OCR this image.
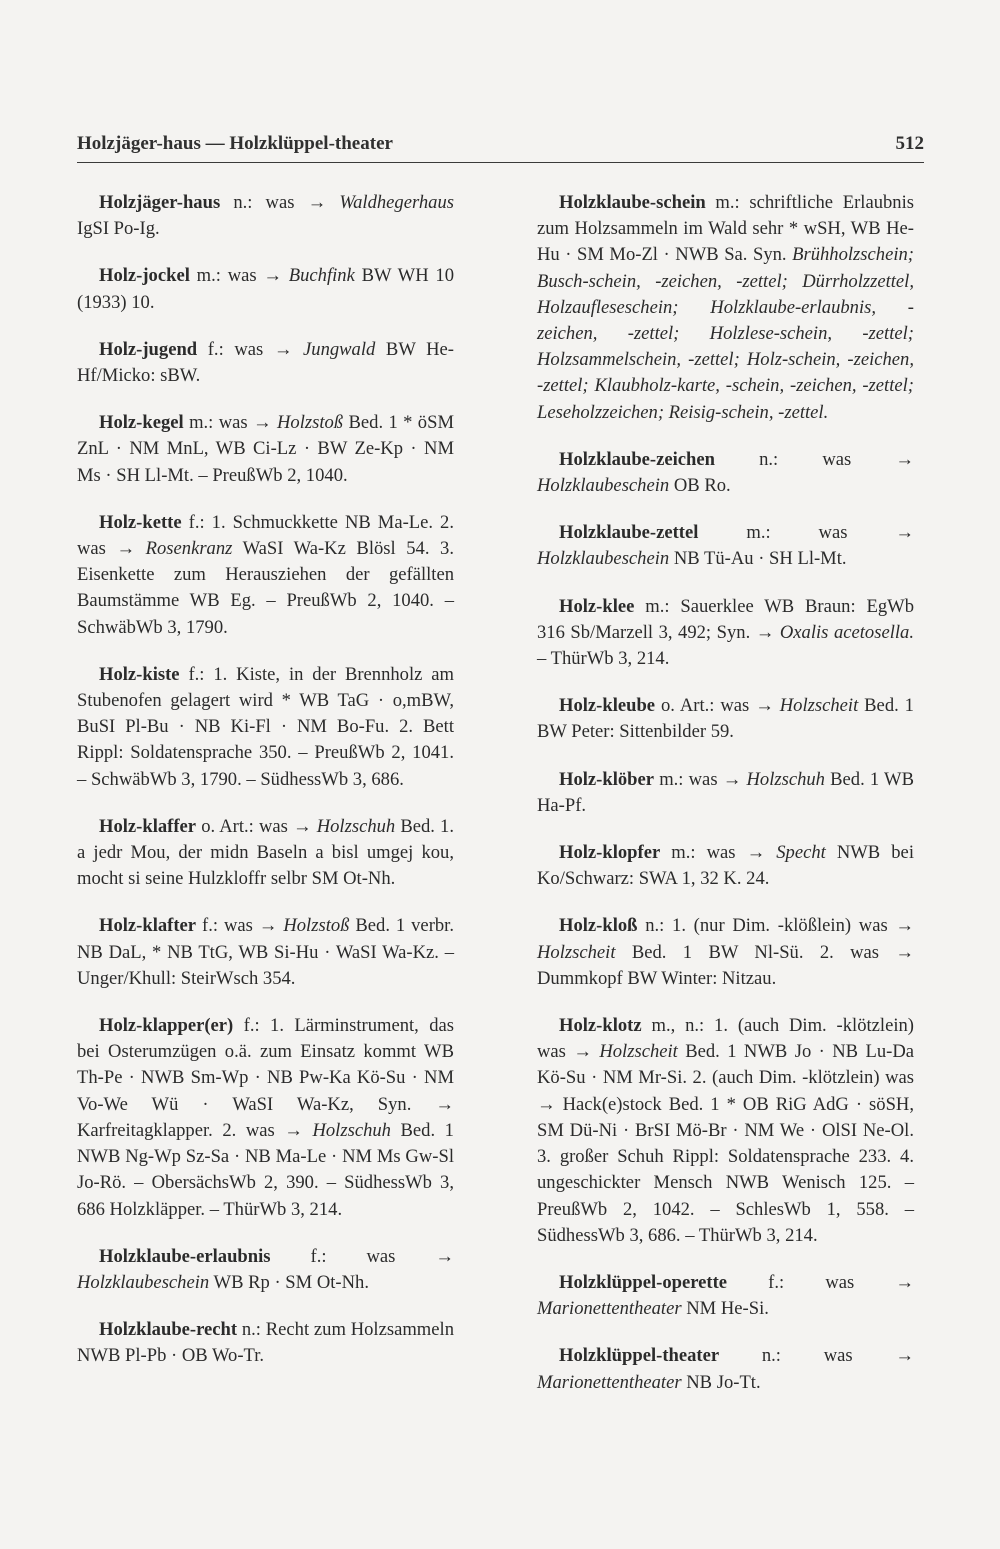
Holzjäger-haus — Holzklüppel-theater	512

Holzjäger-haus n.: was → Waldhegerhaus IgSI Po-Ig.

Holz-jockel m.: was → Buchfink BW WH 10 (1933) 10.

Holz-jugend f.: was → Jungwald BW He-Hf/Micko: sBW.

Holz-kegel m.: was → Holzstoß Bed. 1 * öSM ZnL · NM MnL, WB Ci-Lz · BW Ze-Kp · NM Ms · SH Ll-Mt. – PreußWb 2, 1040.

Holz-kette f.: 1. Schmuckkette NB Ma-Le. 2. was → Rosenkranz WaSI Wa-Kz Blösl 54. 3. Eisenkette zum Herausziehen der gefällten Baumstämme WB Eg. – PreußWb 2, 1040. – SchwäbWb 3, 1790.

Holz-kiste f.: 1. Kiste, in der Brennholz am Stubenofen gelagert wird * WB TaG · o,mBW, BuSI Pl-Bu · NB Ki-Fl · NM Bo-Fu. 2. Bett Rippl: Soldatensprache 350. – PreußWb 2, 1041. – SchwäbWb 3, 1790. – SüdhessWb 3, 686.

Holz-klaffer o. Art.: was → Holzschuh Bed. 1. a jedr Mou, der midn Baseln a bisl umgej kou, mocht si seine Hulzkloffr selbr SM Ot-Nh.

Holz-klafter f.: was → Holzstoß Bed. 1 verbr. NB DaL, * NB TtG, WB Si-Hu · WaSI Wa-Kz. – Unger/Khull: SteirWsch 354.

Holz-klapper(er) f.: 1. Lärminstrument, das bei Osterumzügen o.ä. zum Einsatz kommt WB Th-Pe · NWB Sm-Wp · NB Pw-Ka Kö-Su · NM Vo-We Wü · WaSI Wa-Kz, Syn. → Karfreitagklapper. 2. was → Holzschuh Bed. 1 NWB Ng-Wp Sz-Sa · NB Ma-Le · NM Ms Gw-Sl Jo-Rö. – ObersächsWb 2, 390. – SüdhessWb 3, 686 Holzkläpper. – ThürWb 3, 214.

Holzklaube-erlaubnis f.: was → Holzklaubeschein WB Rp · SM Ot-Nh.

Holzklaube-recht n.: Recht zum Holzsammeln NWB Pl-Pb · OB Wo-Tr.

Holzklaube-schein m.: schriftliche Erlaubnis zum Holzsammeln im Wald sehr * wSH, WB He-Hu · SM Mo-Zl · NWB Sa. Syn. Brühholzschein; Busch-schein, -zeichen, -zettel; Dürrholzzettel, Holzaufleseschein; Holzklaube-erlaubnis, -zeichen, -zettel; Holzlese-schein, -zettel; Holzsammelschein, -zettel; Holz-schein, -zeichen, -zettel; Klaubholz-karte, -schein, -zeichen, -zettel; Leseholzzeichen; Reisig-schein, -zettel.

Holzklaube-zeichen n.: was → Holzklaubeschein OB Ro.

Holzklaube-zettel m.: was → Holzklaubeschein NB Tü-Au · SH Ll-Mt.

Holz-klee m.: Sauerklee WB Braun: EgWb 316 Sb/Marzell 3, 492; Syn. → Oxalis acetosella. – ThürWb 3, 214.

Holz-kleube o. Art.: was → Holzscheit Bed. 1 BW Peter: Sittenbilder 59.

Holz-klöber m.: was → Holzschuh Bed. 1 WB Ha-Pf.

Holz-klopfer m.: was → Specht NWB bei Ko/Schwarz: SWA 1, 32 K. 24.

Holz-kloß n.: 1. (nur Dim. -klößlein) was → Holzscheit Bed. 1 BW Nl-Sü. 2. was → Dummkopf BW Winter: Nitzau.

Holz-klotz m., n.: 1. (auch Dim. -klötzlein) was → Holzscheit Bed. 1 NWB Jo · NB Lu-Da Kö-Su · NM Mr-Si. 2. (auch Dim. -klötzlein) was → Hack(e)stock Bed. 1 * OB RiG AdG · söSH, SM Dü-Ni · BrSI Mö-Br · NM We · OlSI Ne-Ol. 3. großer Schuh Rippl: Soldatensprache 233. 4. ungeschickter Mensch NWB Wenisch 125. – PreußWb 2, 1042. – SchlesWb 1, 558. – SüdhessWb 3, 686. – ThürWb 3, 214.

Holzklüppel-operette f.: was → Marionettentheater NM He-Si.

Holzklüppel-theater n.: was → Marionettentheater NB Jo-Tt.
